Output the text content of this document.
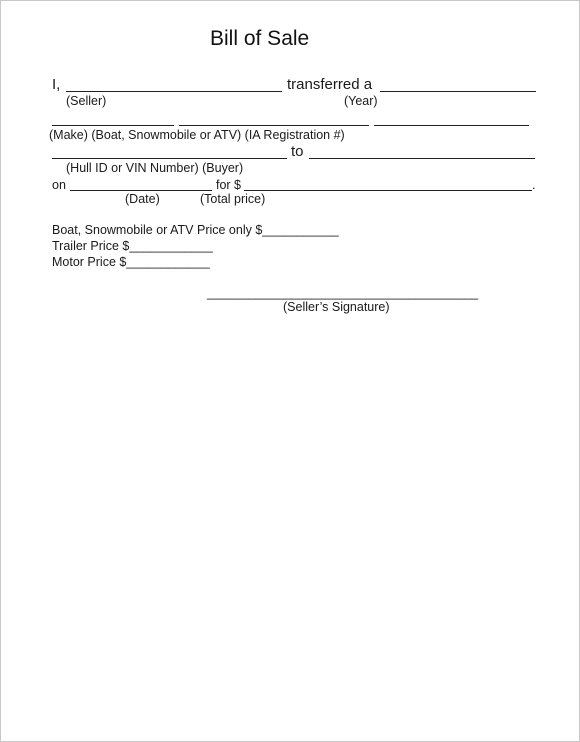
Bill of Sale
I,	transferred a
(Seller)	(Year)
(Make) (Boat, Snowmobile or ATV) (IA Registration #)
to
(Hull ID or VIN Number) (Buyer)
on	for $	.
(Date)	(Total price)
Boat, Snowmobile or ATV Price only $___________
Trailer Price $____________
Motor Price $____________
_______________________________________
(Seller’s Signature)
